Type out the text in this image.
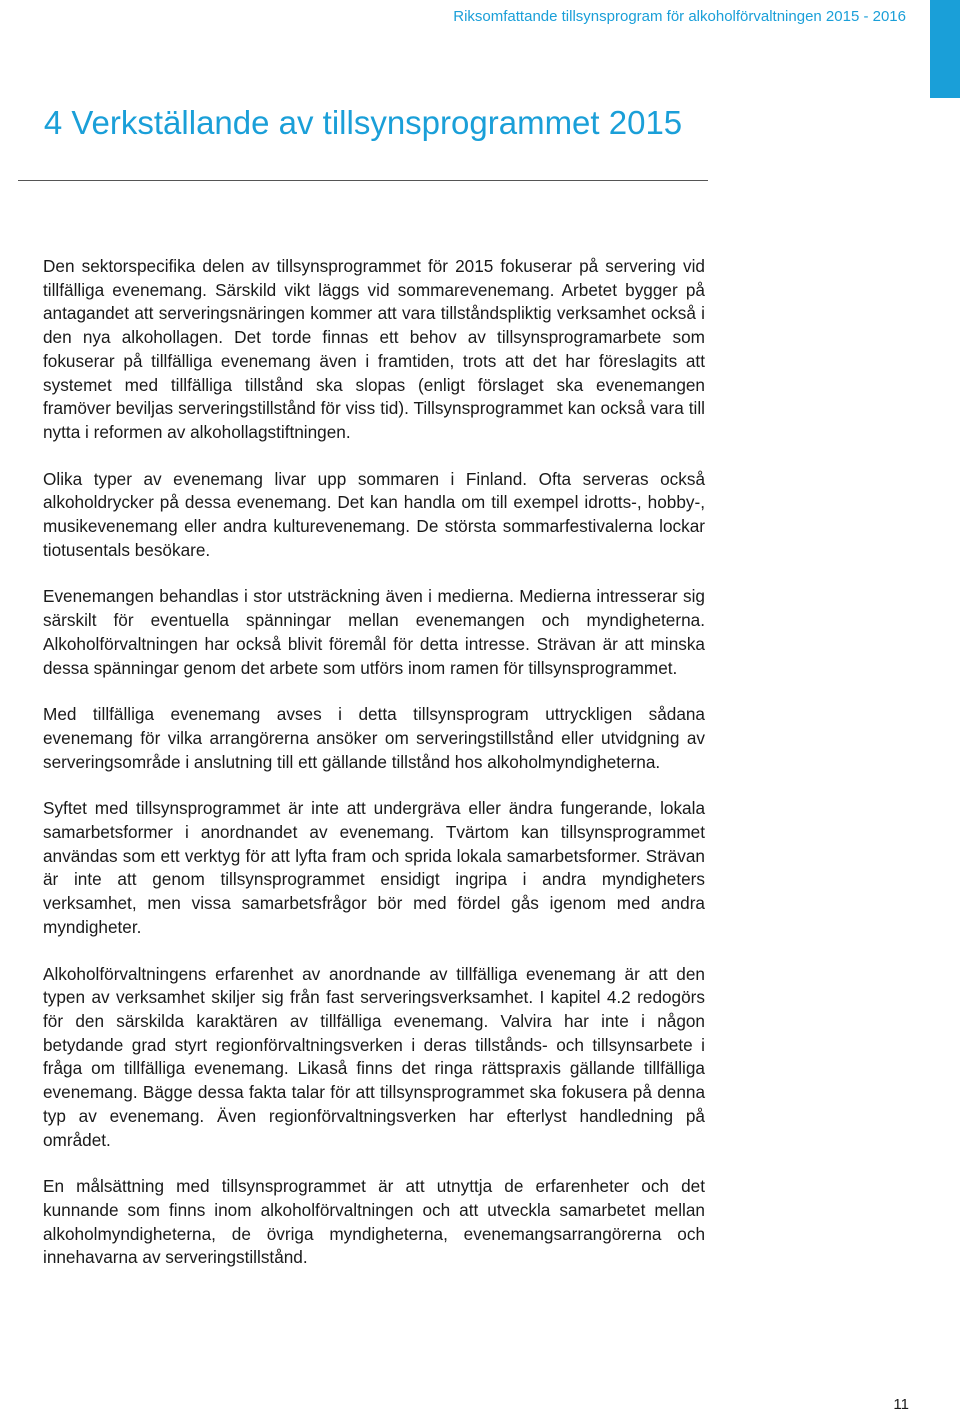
Riksomfattande tillsynsprogram för alkoholförvaltningen 2015 - 2016
4 Verkställande av tillsynsprogrammet 2015

Den sektorspecifika delen av tillsynsprogrammet för 2015 fokuserar på servering vid tillfälliga evenemang. Särskild vikt läggs vid sommarevenemang. Arbetet bygger på antagandet att serveringsnäringen kommer att vara tillståndspliktig verksamhet också i den nya alkohollagen. Det torde finnas ett behov av tillsynsprogramarbete som fokuserar på tillfälliga evenemang även i framtiden, trots att det har föreslagits att systemet med tillfälliga tillstånd ska slopas (enligt förslaget ska evenemangen framöver beviljas serveringstillstånd för viss tid). Tillsynsprogrammet kan också vara till nytta i reformen av alkohollagstiftningen.

Olika typer av evenemang livar upp sommaren i Finland. Ofta serveras också alkoholdrycker på dessa evenemang. Det kan handla om till exempel idrotts-, hobby-, musikevenemang eller andra kulturevenemang. De största sommarfestivalerna lockar tiotusentals besökare.

Evenemangen behandlas i stor utsträckning även i medierna. Medierna intresserar sig särskilt för eventuella spänningar mellan evenemangen och myndigheterna. Alkoholförvaltningen har också blivit föremål för detta intresse. Strävan är att minska dessa spänningar genom det arbete som utförs inom ramen för tillsynsprogrammet.

Med tillfälliga evenemang avses i detta tillsynsprogram uttryckligen sådana evenemang för vilka arrangörerna ansöker om serveringstillstånd eller utvidgning av serveringsområde i anslutning till ett gällande tillstånd hos alkoholmyndigheterna.

Syftet med tillsynsprogrammet är inte att undergräva eller ändra fungerande, lokala samarbetsformer i anordnandet av evenemang. Tvärtom kan tillsynsprogrammet användas som ett verktyg för att lyfta fram och sprida lokala samarbetsformer. Strävan är inte att genom tillsynsprogrammet ensidigt ingripa i andra myndigheters verksamhet, men vissa samarbetsfrågor bör med fördel gås igenom med andra myndigheter.

Alkoholförvaltningens erfarenhet av anordnande av tillfälliga evenemang är att den typen av verksamhet skiljer sig från fast serveringsverksamhet. I kapitel 4.2 redogörs för den särskilda karaktären av tillfälliga evenemang. Valvira har inte i någon betydande grad styrt regionförvaltningsverken i deras tillstånds- och tillsynsarbete i fråga om tillfälliga evenemang. Likaså finns det ringa rättspraxis gällande tillfälliga evenemang. Bägge dessa fakta talar för att tillsynsprogrammet ska fokusera på denna typ av evenemang. Även regionförvaltningsverken har efterlyst handledning på området.

En målsättning med tillsynsprogrammet är att utnyttja de erfarenheter och det kunnande som finns inom alkoholförvaltningen och att utveckla samarbetet mellan alkoholmyndigheterna, de övriga myndigheterna, evenemangsarrangörerna och innehavarna av serveringstillstånd.

11
